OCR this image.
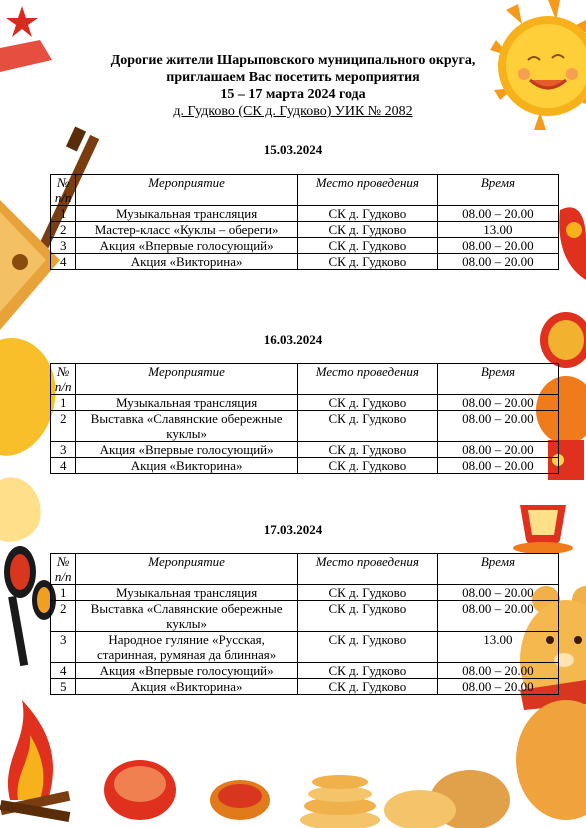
Дорогие жители Шарыповского муниципального округа,
приглашаем Вас посетить мероприятия
15 – 17 марта 2024 года
д. Гудково (СК д. Гудково) УИК № 2082
15.03.2024
№ п/п	Мероприятие	Место проведения	Время
1	Музыкальная трансляция	СК д. Гудково	08.00 – 20.00
2	Мастер-класс «Куклы – обереги»	СК д. Гудково	13.00
3	Акция «Впервые голосующий»	СК д. Гудково	08.00 – 20.00
4	Акция «Викторина»	СК д. Гудково	08.00 – 20.00
16.03.2024
№ п/п	Мероприятие	Место проведения	Время
1	Музыкальная трансляция	СК д. Гудково	08.00 – 20.00
2	Выставка «Славянские обережные куклы»	СК д. Гудково	08.00 – 20.00
3	Акция «Впервые голосующий»	СК д. Гудково	08.00 – 20.00
4	Акция «Викторина»	СК д. Гудково	08.00 – 20.00
17.03.2024
№ п/п	Мероприятие	Место проведения	Время
1	Музыкальная трансляция	СК д. Гудково	08.00 – 20.00
2	Выставка «Славянские обережные куклы»	СК д. Гудково	08.00 – 20.00
3	Народное гуляние «Русская, старинная, румяная да блинная»	СК д. Гудково	13.00
4	Акция «Впервые голосующий»	СК д. Гудково	08.00 – 20.00
5	Акция «Викторина»	СК д. Гудково	08.00 – 20.00
